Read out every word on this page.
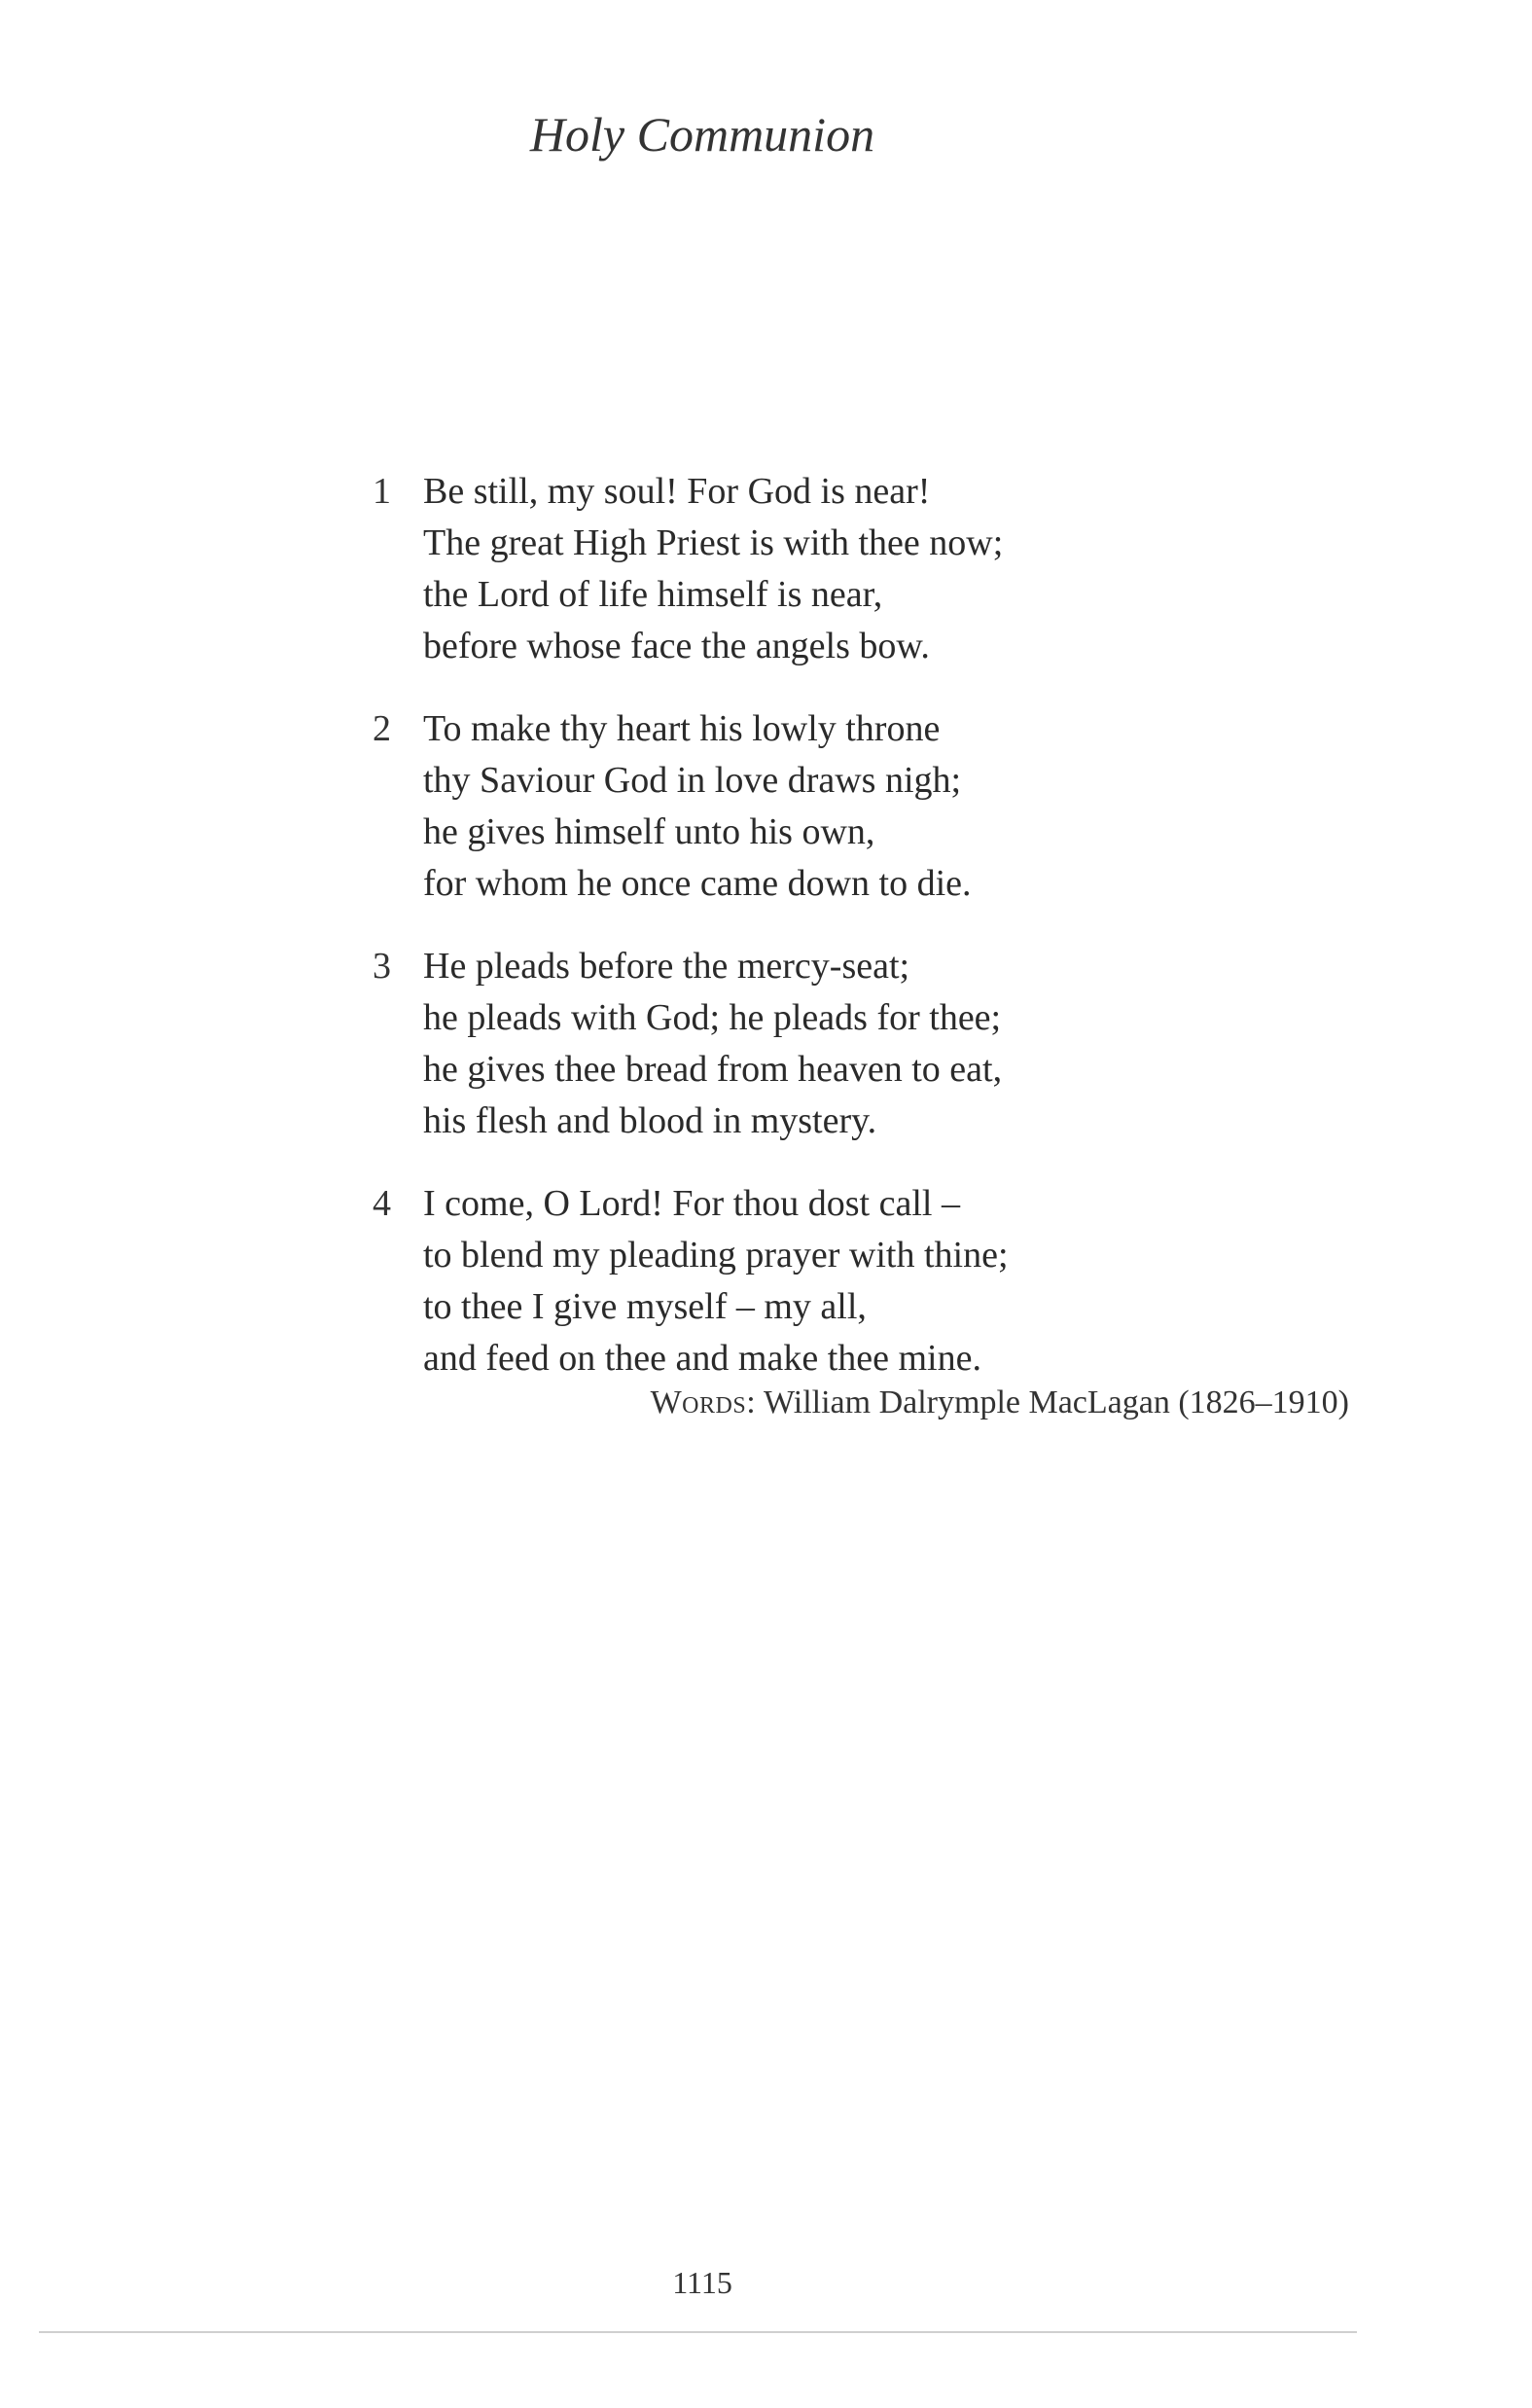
Holy Communion
1 Be still, my soul! For God is near!
The great High Priest is with thee now;
the Lord of life himself is near,
before whose face the angels bow.
2 To make thy heart his lowly throne
thy Saviour God in love draws nigh;
he gives himself unto his own,
for whom he once came down to die.
3 He pleads before the mercy-seat;
he pleads with God; he pleads for thee;
he gives thee bread from heaven to eat,
his flesh and blood in mystery.
4 I come, O Lord! For thou dost call –
to blend my pleading prayer with thine;
to thee I give myself – my all,
and feed on thee and make thee mine.
Words: William Dalrymple MacLagan (1826–1910)
1115
